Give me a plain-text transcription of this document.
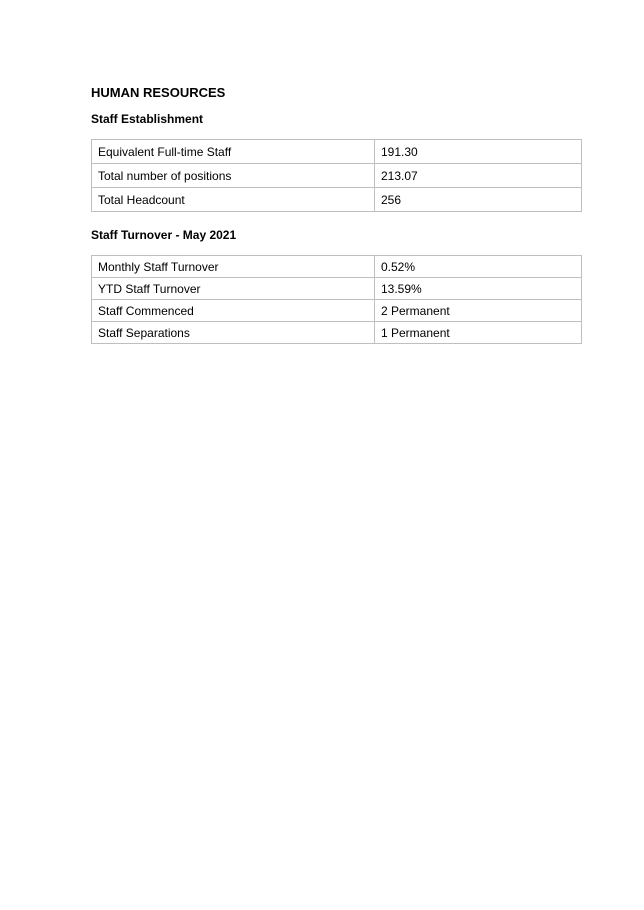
HUMAN RESOURCES
Staff Establishment
Equivalent Full-time Staff	191.30
Total number of positions	213.07
Total Headcount	256
Staff Turnover - May 2021
Monthly Staff Turnover	0.52%
YTD Staff Turnover	13.59%
Staff Commenced	2 Permanent
Staff Separations	1 Permanent
